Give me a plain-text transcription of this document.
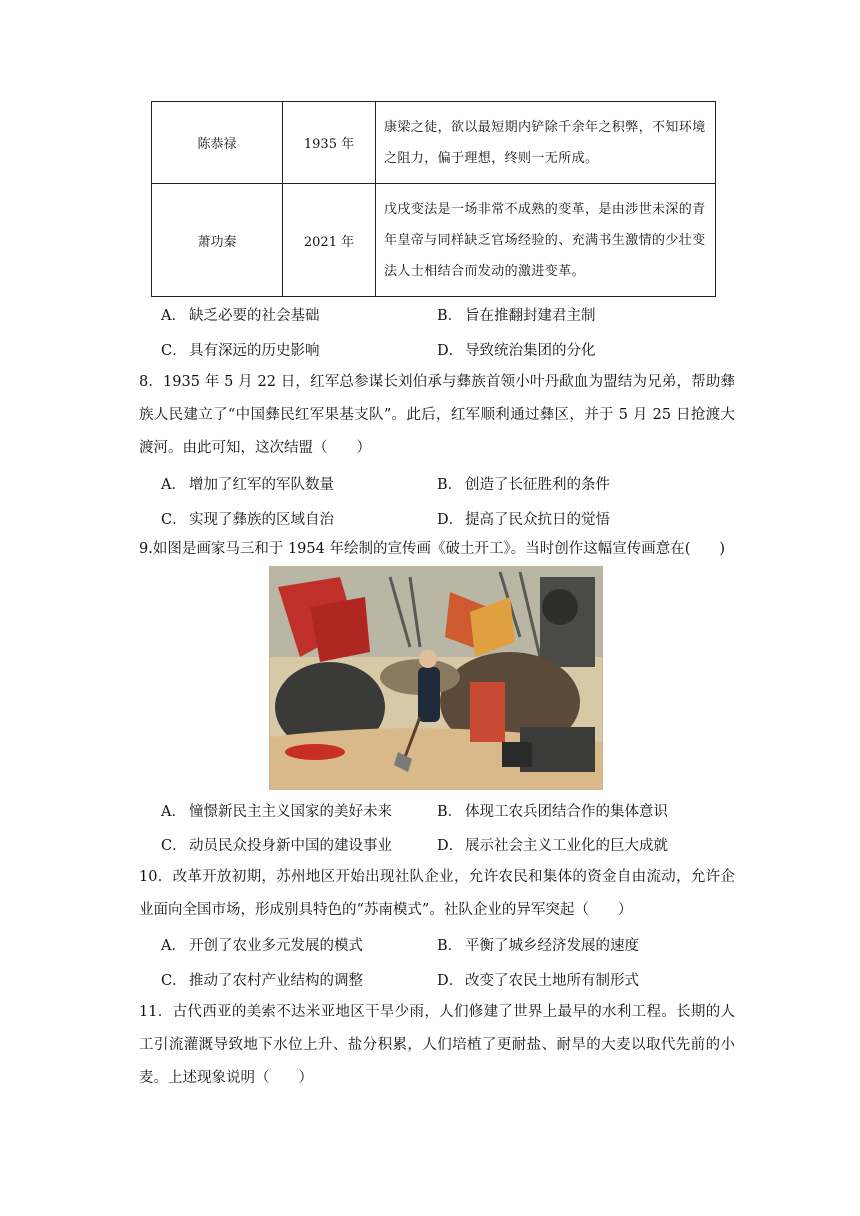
陈恭禄	1935 年	康梁之徒，欲以最短期内铲除千余年之积弊，不知环境之阻力，偏于理想，终则一无所成。
萧功秦	2021 年	戊戌变法是一场非常不成熟的变革，是由涉世未深的青年皇帝与同样缺乏官场经验的、充满书生激情的少壮变法人士相结合而发动的激进变革。
A． 缺乏必要的社会基础	B． 旨在推翻封建君主制
C． 具有深远的历史影响	D． 导致统治集团的分化
8．1935 年 5 月 22 日，红军总参谋长刘伯承与彝族首领小叶丹歃血为盟结为兄弟，帮助彝族人民建立了“中国彝民红军果基支队”。此后，红军顺利通过彝区，并于 5 月 25 日抢渡大渡河。由此可知，这次结盟（　　）
A． 增加了红军的军队数量	B． 创造了长征胜利的条件
C． 实现了彝族的区域自治	D． 提高了民众抗日的觉悟
9.如图是画家马三和于 1954 年绘制的宣传画《破土开工》。当时创作这幅宣传画意在(　　)
A． 憧憬新民主主义国家的美好未来	B． 体现工农兵团结合作的集体意识
C． 动员民众投身新中国的建设事业	D． 展示社会主义工业化的巨大成就
10．改革开放初期，苏州地区开始出现社队企业，允许农民和集体的资金自由流动，允许企业面向全国市场，形成别具特色的“苏南模式”。社队企业的异军突起（　　）
A． 开创了农业多元发展的模式	B． 平衡了城乡经济发展的速度
C． 推动了农村产业结构的调整	D． 改变了农民土地所有制形式
11．古代西亚的美索不达米亚地区干旱少雨，人们修建了世界上最早的水利工程。长期的人工引流灌溉导致地下水位上升、盐分积累，人们培植了更耐盐、耐旱的大麦以取代先前的小麦。上述现象说明（　　）
